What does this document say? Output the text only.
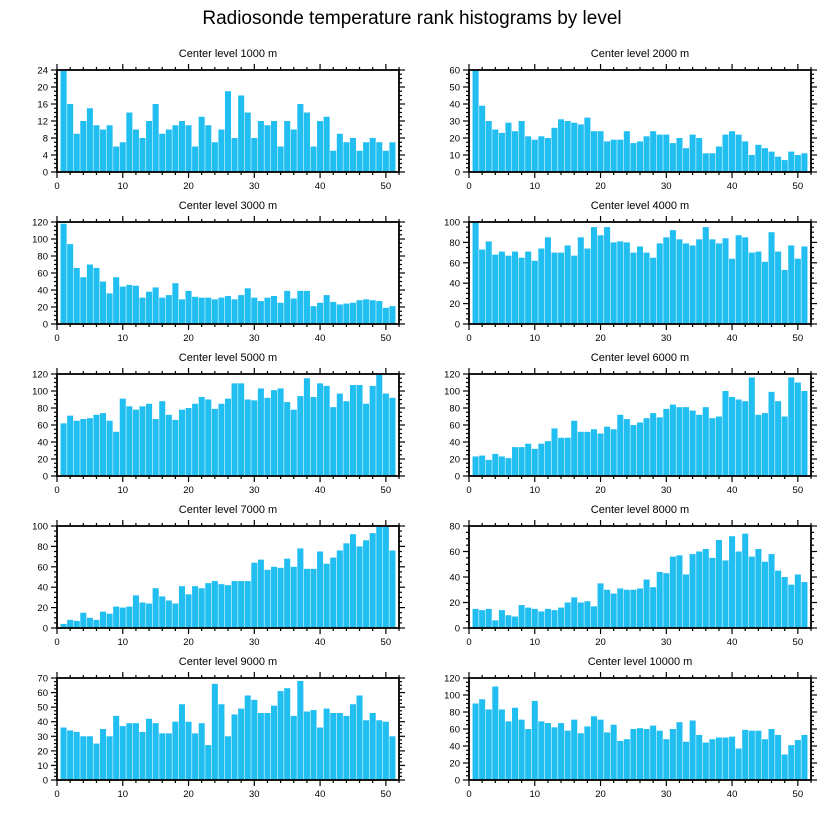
Radiosonde temperature rank histograms by level
Center level 1000 m
0	10	20	30	40	50
0
4
8
12
16
20
24
Center level 2000 m
0	10	20	30	40	50
0
10
20
30
40
50
60
Center level 3000 m
0	10	20	30	40	50
0
20
40
60
80
100
120
Center level 4000 m
0	10	20	30	40	50
0
20
40
60
80
100
Center level 5000 m
0	10	20	30	40	50
0
20
40
60
80
100
120
Center level 6000 m
0	10	20	30	40	50
0
20
40
60
80
100
120
Center level 7000 m
0	10	20	30	40	50
0
20
40
60
80
100
Center level 8000 m
0	10	20	30	40	50
0
20
40
60
80
Center level 9000 m
0	10	20	30	40	50
0
10
20
30
40
50
60
70
Center level 10000 m
0	10	20	30	40	50
0
20
40
60
80
100
120
